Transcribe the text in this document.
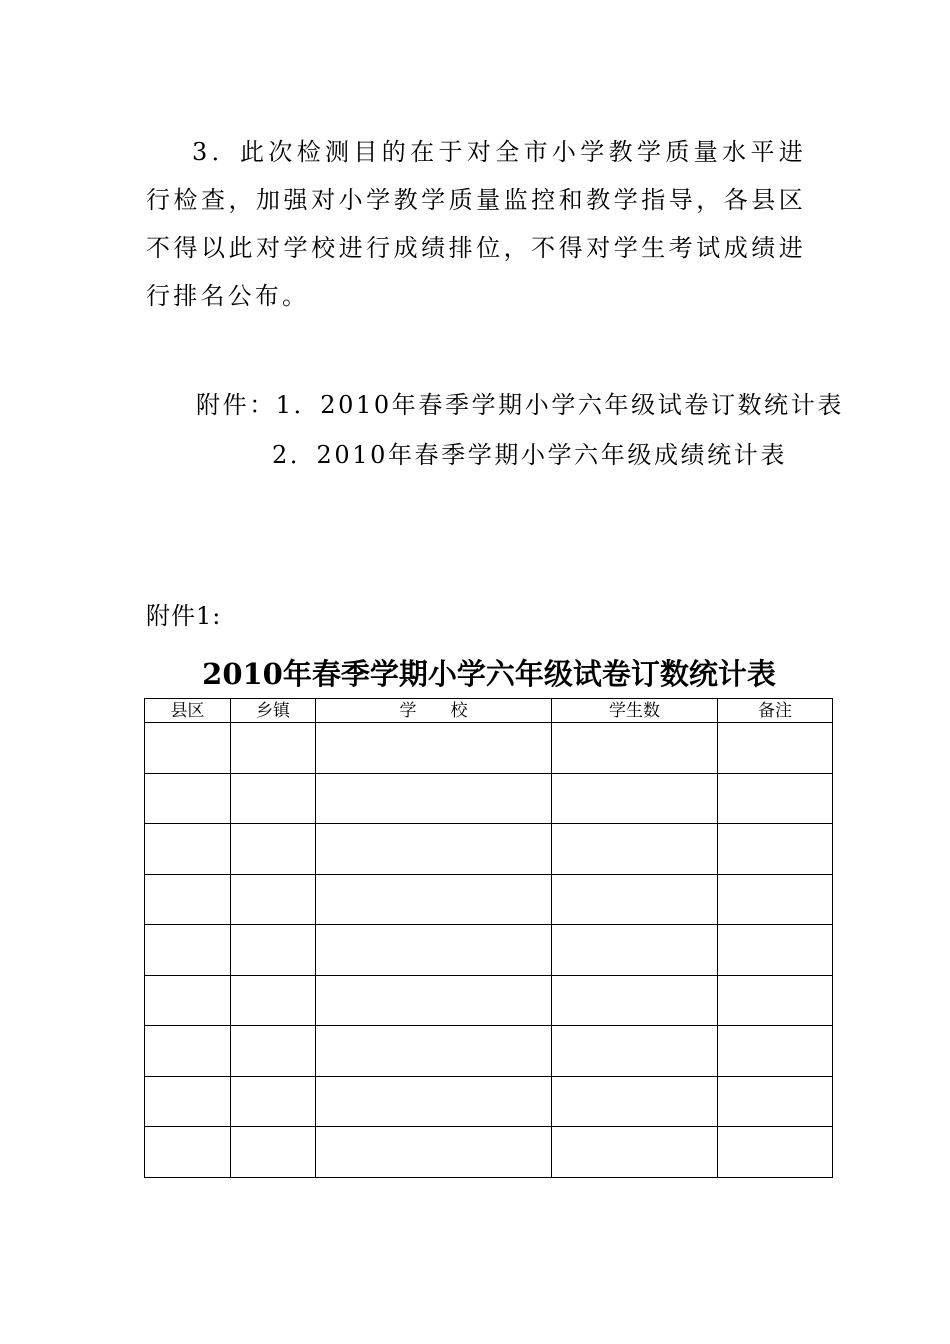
3．此次检测目的在于对全市小学教学质量水平进行检查，加强对小学教学质量监控和教学指导，各县区不得以此对学校进行成绩排位，不得对学生考试成绩进行排名公布。
附件：1．2010年春季学期小学六年级试卷订数统计表
2．2010年春季学期小学六年级成绩统计表
附件1:
2010年春季学期小学六年级试卷订数统计表
县区	乡镇	学　　校	学生数	备注
